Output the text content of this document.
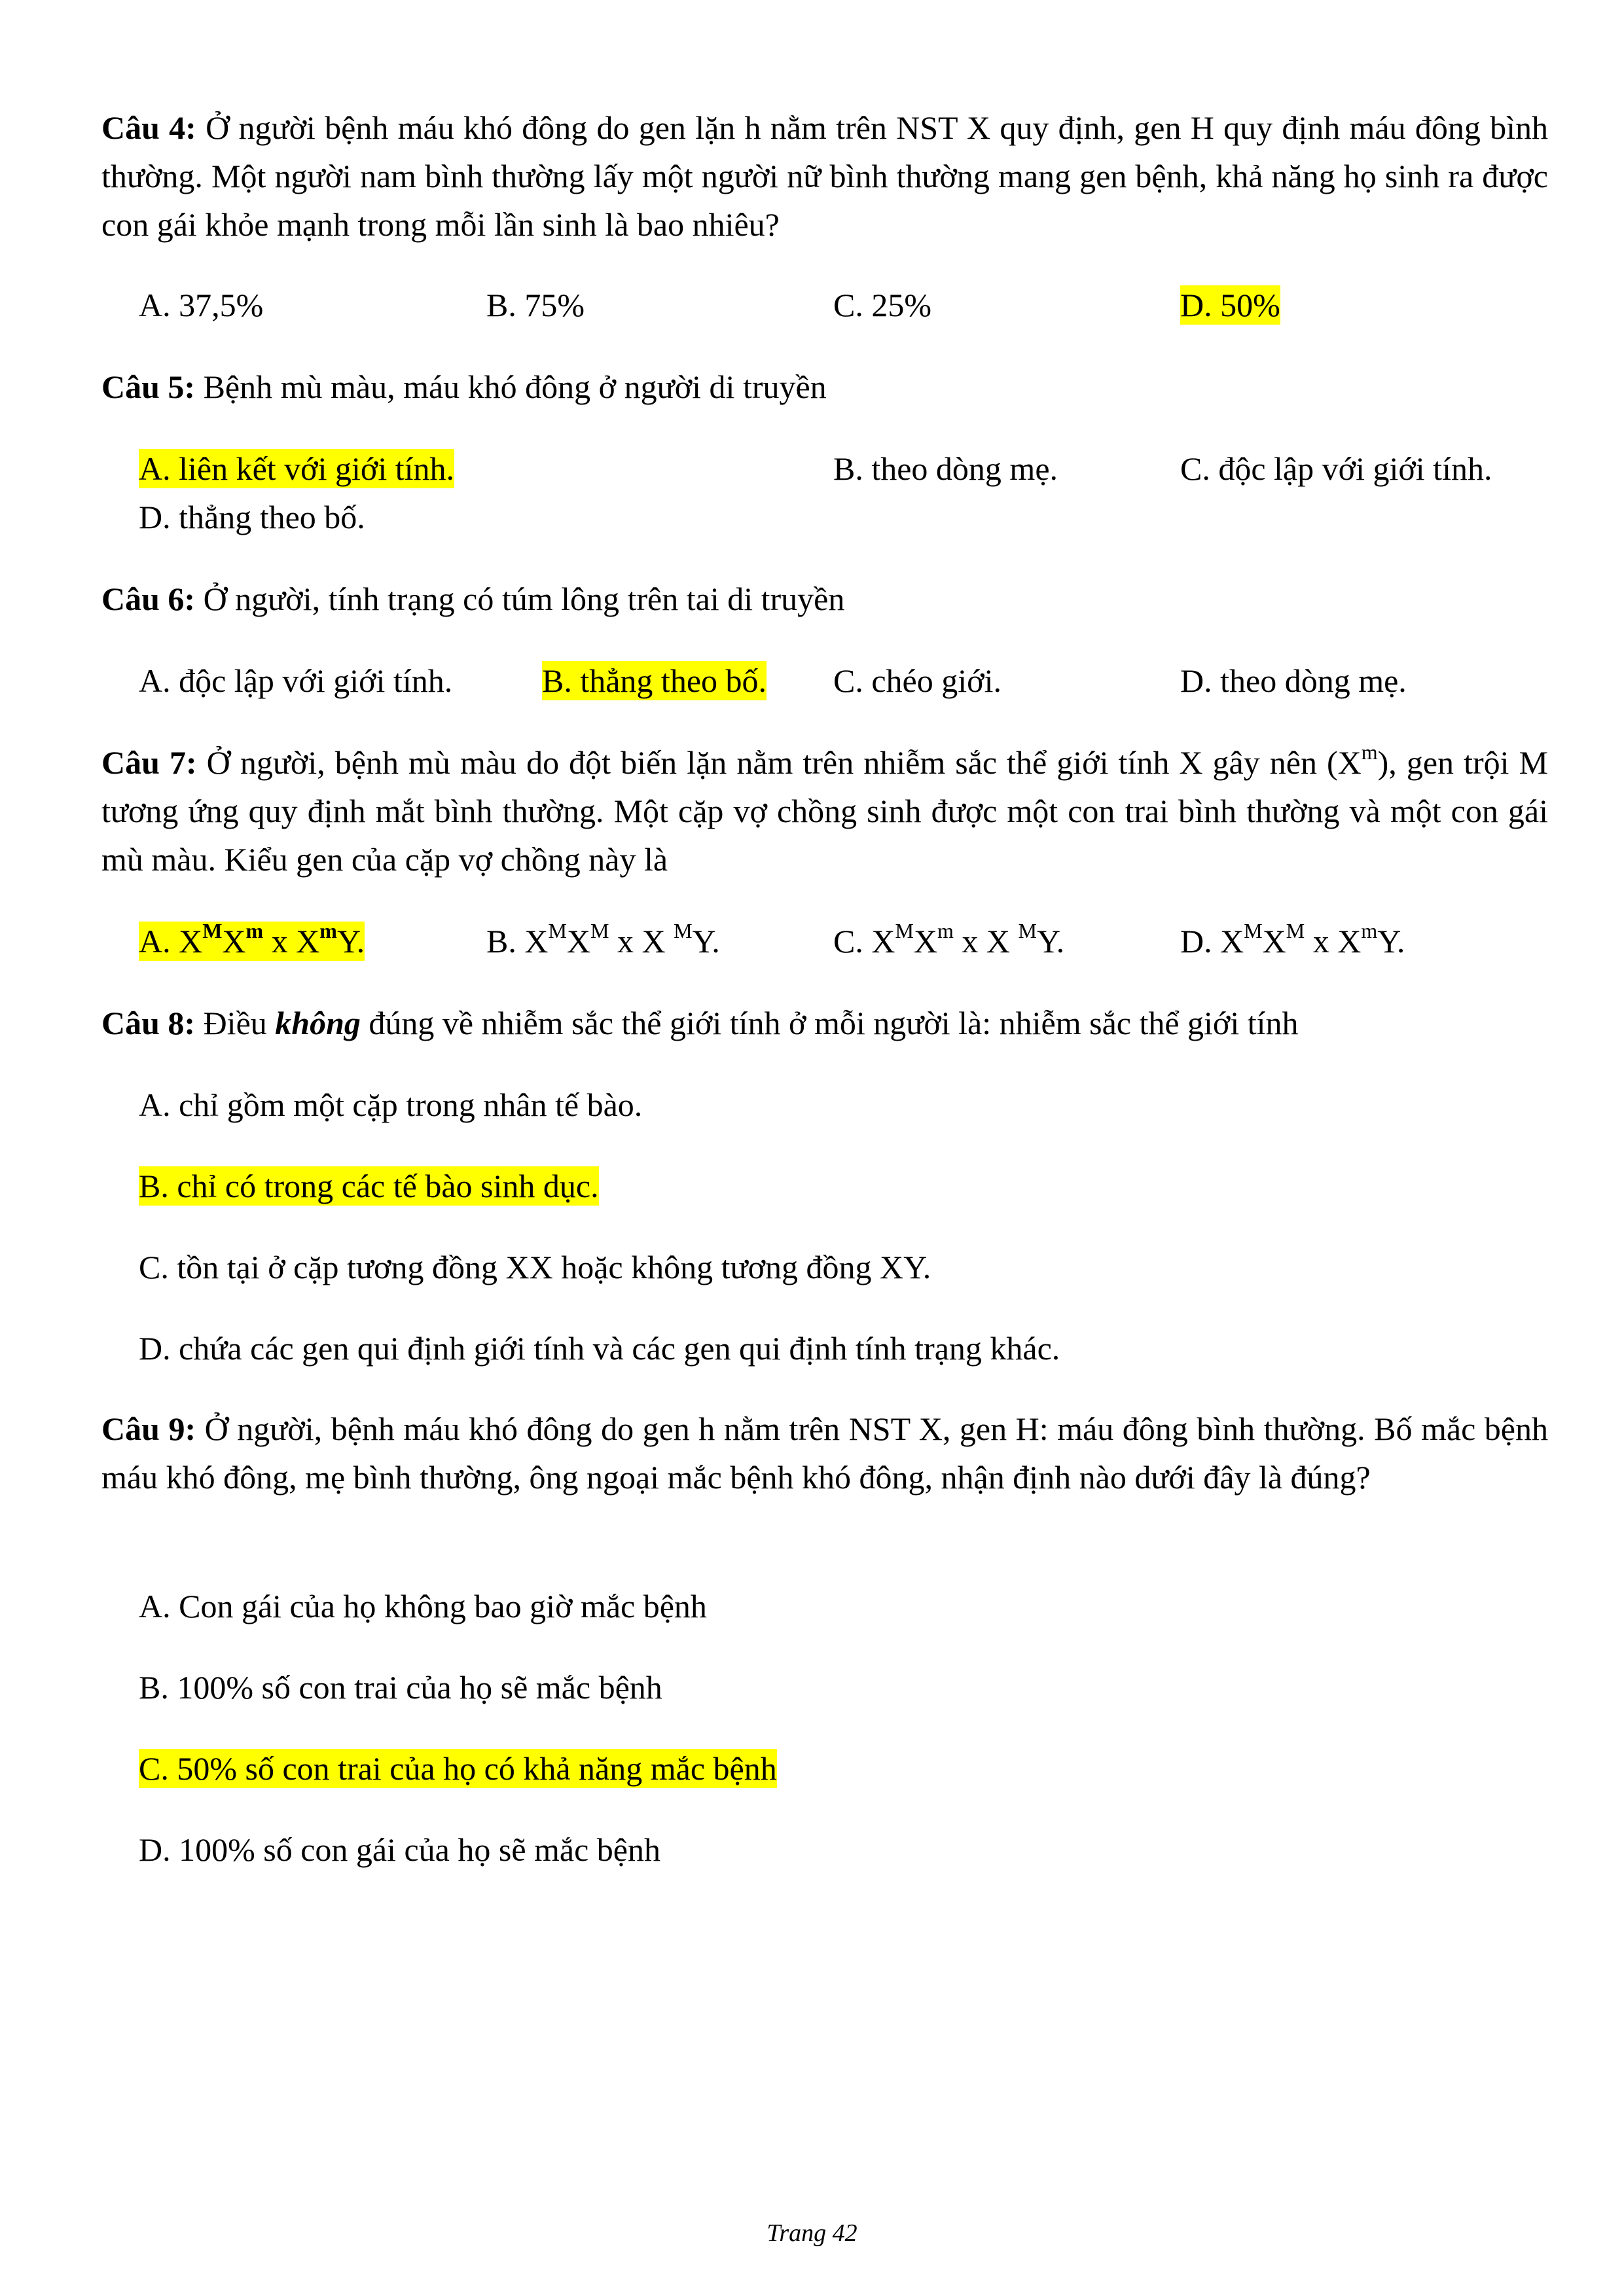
Câu 4: Ở người bệnh máu khó đông do gen lặn h nằm trên NST X quy định, gen H quy định máu đông bình thường. Một người nam bình thường lấy một người nữ bình thường mang gen bệnh, khả năng họ sinh ra được con gái khỏe mạnh trong mỗi lần sinh là bao nhiêu?

A. 37,5%	B. 75%	C. 25%	D. 50%

Câu 5: Bệnh mù màu, máu khó đông ở người di truyền

A. liên kết với giới tính.	B. theo dòng mẹ.	C. độc lập với giới tính.
D. thẳng theo bố.

Câu 6: Ở người, tính trạng có túm lông trên tai di truyền

A. độc lập với giới tính.	B. thẳng theo bố. C. chéo giới.	D. theo dòng mẹ.

Câu 7: Ở người, bệnh mù màu do đột biến lặn nằm trên nhiễm sắc thể giới tính X gây nên $(X^m)$, gen trội M tương ứng quy định mắt bình thường. Một cặp vợ chồng sinh được một con trai bình thường và một con gái mù màu. Kiểu gen của cặp vợ chồng này là

A. $X^MX^m$ x $X^mY$.	B. $X^MX^M$ x X $^M$Y.	C. $X^MX^m$ x X $^M$Y.	D. $X^MX^M$ x $X^mY$.

Câu 8: Điều không đúng về nhiễm sắc thể giới tính ở mỗi người là: nhiễm sắc thể giới tính

A. chỉ gồm một cặp trong nhân tế bào.
B. chỉ có trong các tế bào sinh dục.
C. tồn tại ở cặp tương đồng XX hoặc không tương đồng XY.
D. chứa các gen qui định giới tính và các gen qui định tính trạng khác.

Câu 9: Ở người, bệnh máu khó đông do gen h nằm trên NST X, gen H: máu đông bình thường. Bố mắc bệnh máu khó đông, mẹ bình thường, ông ngoại mắc bệnh khó đông, nhận định nào dưới đây là đúng?

A. Con gái của họ không bao giờ mắc bệnh
B. 100% số con trai của họ sẽ mắc bệnh
C. 50% số con trai của họ có khả năng mắc bệnh
D. 100% số con gái của họ sẽ mắc bệnh
Trang 42
